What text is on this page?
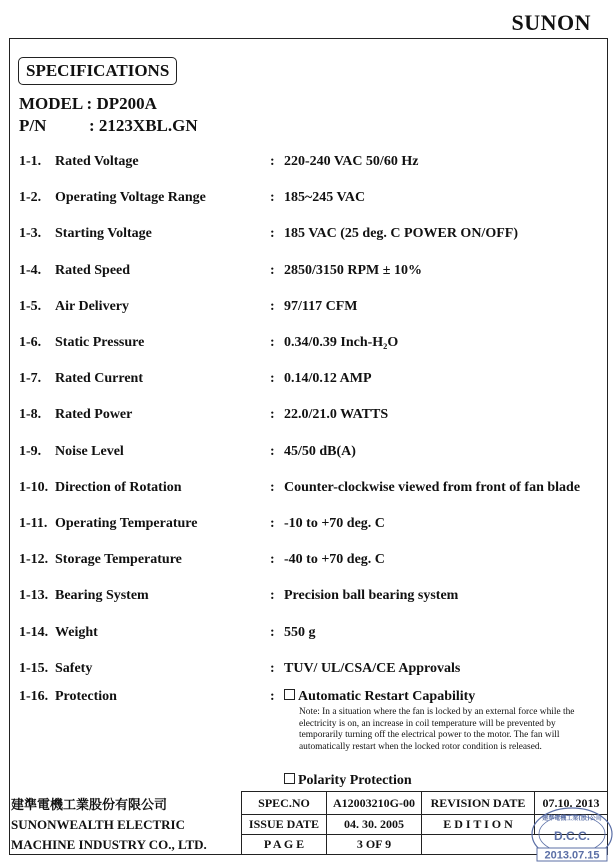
SUNON
SPECIFICATIONS
MODEL : DP200A
P/N	: 2123XBL.GN
1-1. Rated Voltage	: 220-240 VAC 50/60 Hz
1-2. Operating Voltage Range	: 185~245 VAC
1-3. Starting Voltage	: 185 VAC (25 deg. C POWER ON/OFF)
1-4. Rated Speed	: 2850/3150 RPM ± 10%
1-5. Air Delivery	: 97/117 CFM
1-6. Static Pressure	: 0.34/0.39 Inch-H₂O
1-7. Rated Current	: 0.14/0.12 AMP
1-8. Rated Power	: 22.0/21.0 WATTS
1-9. Noise Level	: 45/50 dB(A)
1-10. Direction of Rotation	: Counter-clockwise viewed from front of fan blade
1-11. Operating Temperature	: -10 to +70 deg. C
1-12. Storage Temperature	: -40 to +70 deg. C
1-13. Bearing System	: Precision ball bearing system
1-14. Weight	: 550 g
1-15. Safety	: TUV/ UL/CSA/CE Approvals
1-16. Protection	:	Automatic Restart Capability
Note: In a situation where the fan is locked by an external force while the electricity is on, an increase in coil temperature will be prevented by temporarily turning off the electrical power to the motor. The fan will automatically restart when the locked rotor condition is released.
Polarity Protection
建準電機工業股份有限公司	SPEC.NO	A12003210G-00	REVISION DATE	07.10. 2013
SUNONWEALTH ELECTRIC	ISSUE DATE	04. 30. 2005	E D I T I O N	
MACHINE INDUSTRY CO., LTD.	P A G E	3 OF 9		
建準電機工業(股)公司
D.C.C.
2013.07.15
